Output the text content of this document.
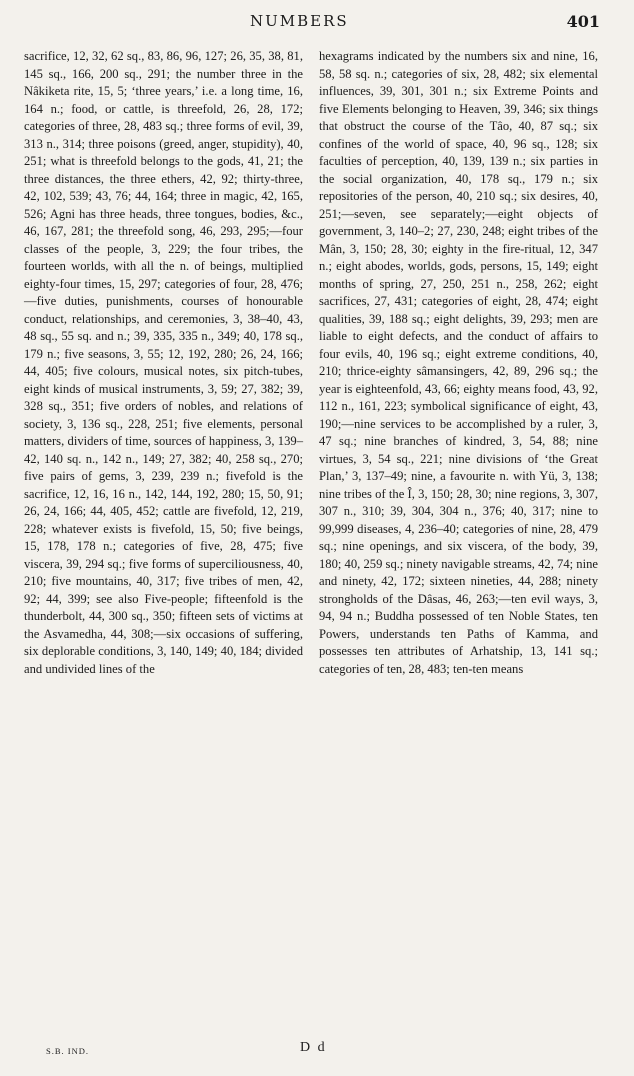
NUMBERS	401

sacrifice, 12, 32, 62 sq., 83, 86, 96, 127; 26, 35, 38, 81, 145 sq., 166, 200 sq., 291; the number three in the Nâkiketa rite, 15, 5; ‘three years,’ i.e. a long time, 16, 164 n.; food, or cattle, is threefold, 26, 28, 172; categories of three, 28, 483 sq.; three forms of evil, 39, 313 n., 314; three poisons (greed, anger, stupidity), 40, 251; what is threefold belongs to the gods, 41, 21; the three distances, the three ethers, 42, 92; thirty-three, 42, 102, 539; 43, 76; 44, 164; three in magic, 42, 165, 526; Agni has three heads, three tongues, bodies, &c., 46, 167, 281; the threefold song, 46, 293, 295;—four classes of the people, 3, 229; the four tribes, the fourteen worlds, with all the n. of beings, multiplied eighty-four times, 15, 297; categories of four, 28, 476;—five duties, punishments, courses of honourable conduct, relationships, and ceremonies, 3, 38–40, 43, 48 sq., 55 sq. and n.; 39, 335, 335 n., 349; 40, 178 sq., 179 n.; five seasons, 3, 55; 12, 192, 280; 26, 24, 166; 44, 405; five colours, musical notes, six pitch-tubes, eight kinds of musical instruments, 3, 59; 27, 382; 39, 328 sq., 351; five orders of nobles, and relations of society, 3, 136 sq., 228, 251; five elements, personal matters, dividers of time, sources of happiness, 3, 139–42, 140 sq. n., 142 n., 149; 27, 382; 40, 258 sq., 270; five pairs of gems, 3, 239, 239 n.; fivefold is the sacrifice, 12, 16, 16 n., 142, 144, 192, 280; 15, 50, 91; 26, 24, 166; 44, 405, 452; cattle are fivefold, 12, 219, 228; whatever exists is fivefold, 15, 50; five beings, 15, 178, 178 n.; categories of five, 28, 475; five viscera, 39, 294 sq.; five forms of superciliousness, 40, 210; five mountains, 40, 317; five tribes of men, 42, 92; 44, 399; see also Five-people; fifteenfold is the thunderbolt, 44, 300 sq., 350; fifteen sets of victims at the Asvamedha, 44, 308;—six occasions of suffering, six deplorable conditions, 3, 140, 149; 40, 184; divided and undivided lines of the

hexagrams indicated by the numbers six and nine, 16, 58, 58 sq. n.; categories of six, 28, 482; six elemental influences, 39, 301, 301 n.; six Extreme Points and five Elements belonging to Heaven, 39, 346; six things that obstruct the course of the Tâo, 40, 87 sq.; six confines of the world of space, 40, 96 sq., 128; six faculties of perception, 40, 139, 139 n.; six parties in the social organization, 40, 178 sq., 179 n.; six repositories of the person, 40, 210 sq.; six desires, 40, 251;—seven, see separately;—eight objects of government, 3, 140–2; 27, 230, 248; eight tribes of the Mân, 3, 150; 28, 30; eighty in the fire-ritual, 12, 347 n.; eight abodes, worlds, gods, persons, 15, 149; eight months of spring, 27, 250, 251 n., 258, 262; eight sacrifices, 27, 431; categories of eight, 28, 474; eight qualities, 39, 188 sq.; eight delights, 39, 293; men are liable to eight defects, and the conduct of affairs to four evils, 40, 196 sq.; eight extreme conditions, 40, 210; thrice-eighty sâmansingers, 42, 89, 296 sq.; the year is eighteenfold, 43, 66; eighty means food, 43, 92, 112 n., 161, 223; symbolical significance of eight, 43, 190;—nine services to be accomplished by a ruler, 3, 47 sq.; nine branches of kindred, 3, 54, 88; nine virtues, 3, 54 sq., 221; nine divisions of ‘the Great Plan,’ 3, 137–49; nine, a favourite n. with Yü, 3, 138; nine tribes of the Î, 3, 150; 28, 30; nine regions, 3, 307, 307 n., 310; 39, 304, 304 n., 376; 40, 317; nine to 99,999 diseases, 4, 236–40; categories of nine, 28, 479 sq.; nine openings, and six viscera, of the body, 39, 180; 40, 259 sq.; ninety navigable streams, 42, 74; nine and ninety, 42, 172; sixteen nineties, 44, 288; ninety strongholds of the Dâsas, 46, 263;—ten evil ways, 3, 94, 94 n.; Buddha possessed of ten Noble States, ten Powers, understands ten Paths of Kamma, and possesses ten attributes of Arhatship, 13, 141 sq.; categories of ten, 28, 483; ten-ten means

S.B. IND.	D d
